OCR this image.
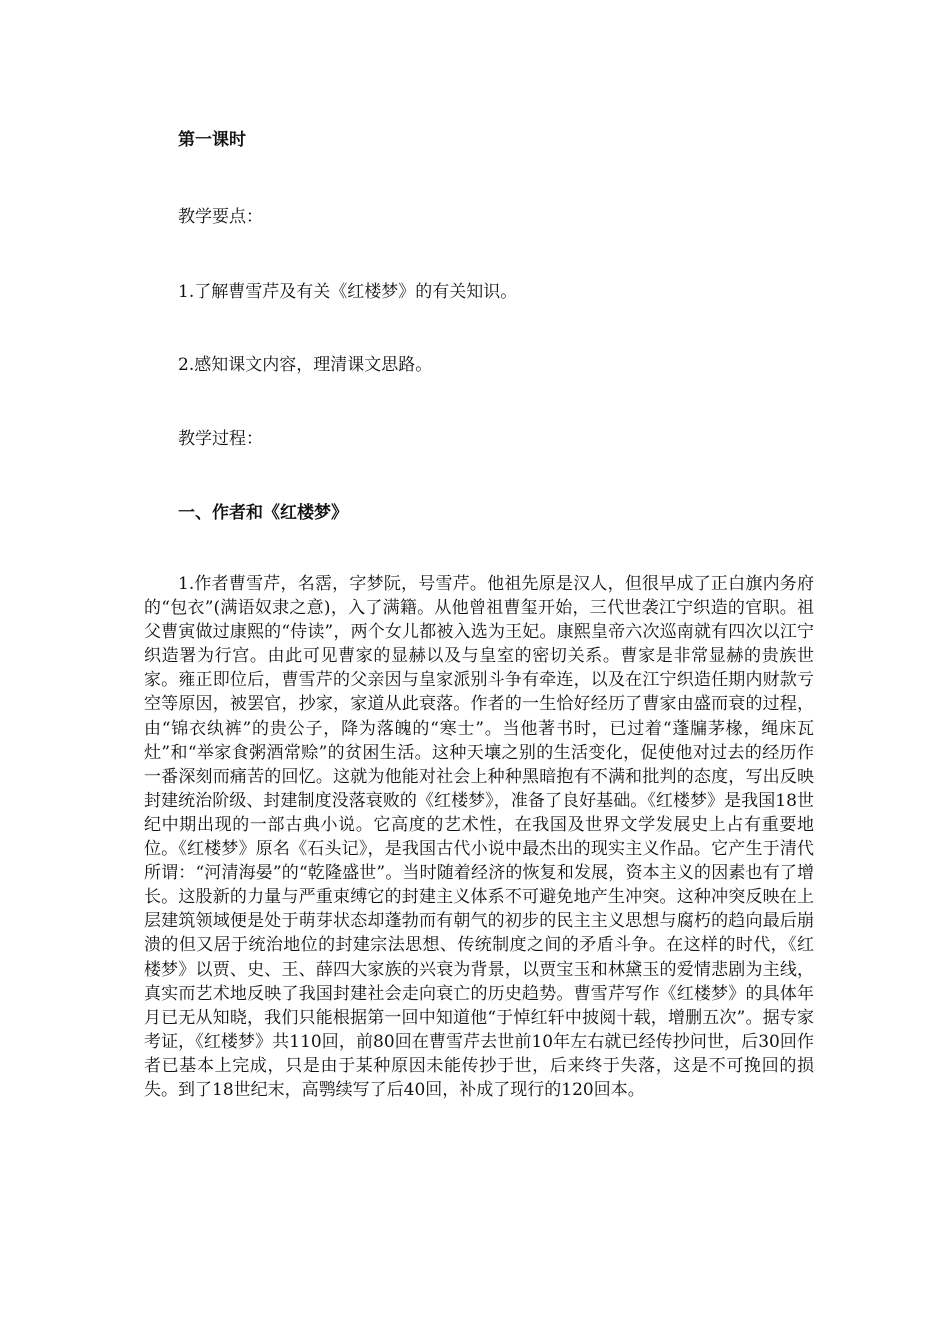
第一课时
教学要点：
1.了解曹雪芹及有关《红楼梦》的有关知识。
2.感知课文内容，理清课文思路。
教学过程：
一、作者和《红楼梦》

1.作者曹雪芹，名霑，字梦阮，号雪芹。他祖先原是汉人，但很早成了正白旗内务府的“包衣”(满语奴隶之意)，入了满籍。从他曾祖曹玺开始，三代世袭江宁织造的官职。祖父曹寅做过康熙的“侍读”，两个女儿都被入选为王妃。康熙皇帝六次巡南就有四次以江宁织造署为行宫。由此可见曹家的显赫以及与皇室的密切关系。曹家是非常显赫的贵族世家。雍正即位后，曹雪芹的父亲因与皇家派别斗争有牵连，以及在江宁织造任期内财款亏空等原因，被罢官，抄家，家道从此衰落。作者的一生恰好经历了曹家由盛而衰的过程，由“锦衣纨裤”的贵公子，降为落魄的“寒士”。当他著书时，已过着“蓬牖茅椽，绳床瓦灶”和“举家食粥酒常赊”的贫困生活。这种天壤之别的生活变化，促使他对过去的经历作一番深刻而痛苦的回忆。这就为他能对社会上种种黑暗抱有不满和批判的态度，写出反映封建统治阶级、封建制度没落衰败的《红楼梦》，准备了良好基础。《红楼梦》是我国18世纪中期出现的一部古典小说。它高度的艺术性，在我国及世界文学发展史上占有重要地位。《红楼梦》原名《石头记》，是我国古代小说中最杰出的现实主义作品。它产生于清代所谓：“河清海晏”的“乾隆盛世”。当时随着经济的恢复和发展，资本主义的因素也有了增长。这股新的力量与严重束缚它的封建主义体系不可避免地产生冲突。这种冲突反映在上层建筑领域便是处于萌芽状态却蓬勃而有朝气的初步的民主主义思想与腐朽的趋向最后崩溃的但又居于统治地位的封建宗法思想、传统制度之间的矛盾斗争。在这样的时代，《红楼梦》以贾、史、王、薛四大家族的兴衰为背景，以贾宝玉和林黛玉的爱情悲剧为主线，真实而艺术地反映了我国封建社会走向衰亡的历史趋势。曹雪芹写作《红楼梦》的具体年月已无从知晓，我们只能根据第一回中知道他“于悼红轩中披阅十载，增删五次”。据专家考证，《红楼梦》共110回，前80回在曹雪芹去世前10年左右就已经传抄问世，后30回作者已基本上完成，只是由于某种原因未能传抄于世，后来终于失落，这是不可挽回的损失。到了18世纪末，高鹗续写了后40回，补成了现行的120回本。
